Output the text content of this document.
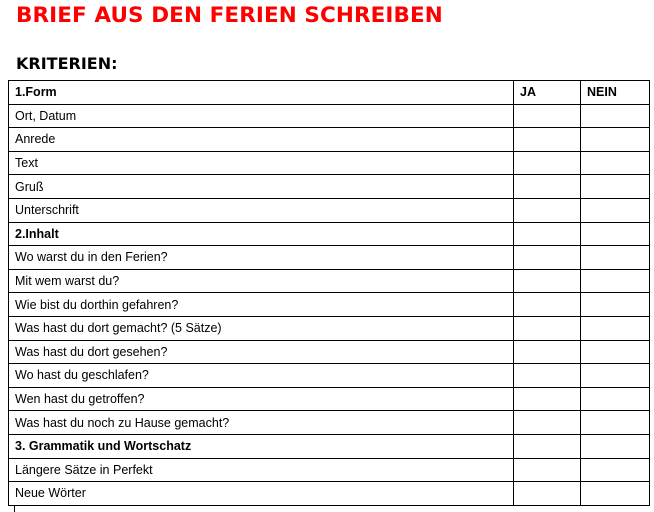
BRIEF AUS DEN FERIEN SCHREIBEN
KRITERIEN:
1.Form	JA	NEIN
Ort, Datum		
Anrede		
Text		
Gruß		
Unterschrift		
2.Inhalt		
Wo warst du in den Ferien?		
Mit wem warst du?		
Wie bist du dorthin gefahren?		
Was hast du dort gemacht? (5 Sätze)		
Was hast du dort gesehen?		
Wo hast du geschlafen?		
Wen hast du getroffen?		
Was hast du noch zu Hause gemacht?		
3. Grammatik und Wortschatz		
Längere Sätze in Perfekt		
Neue Wörter		
